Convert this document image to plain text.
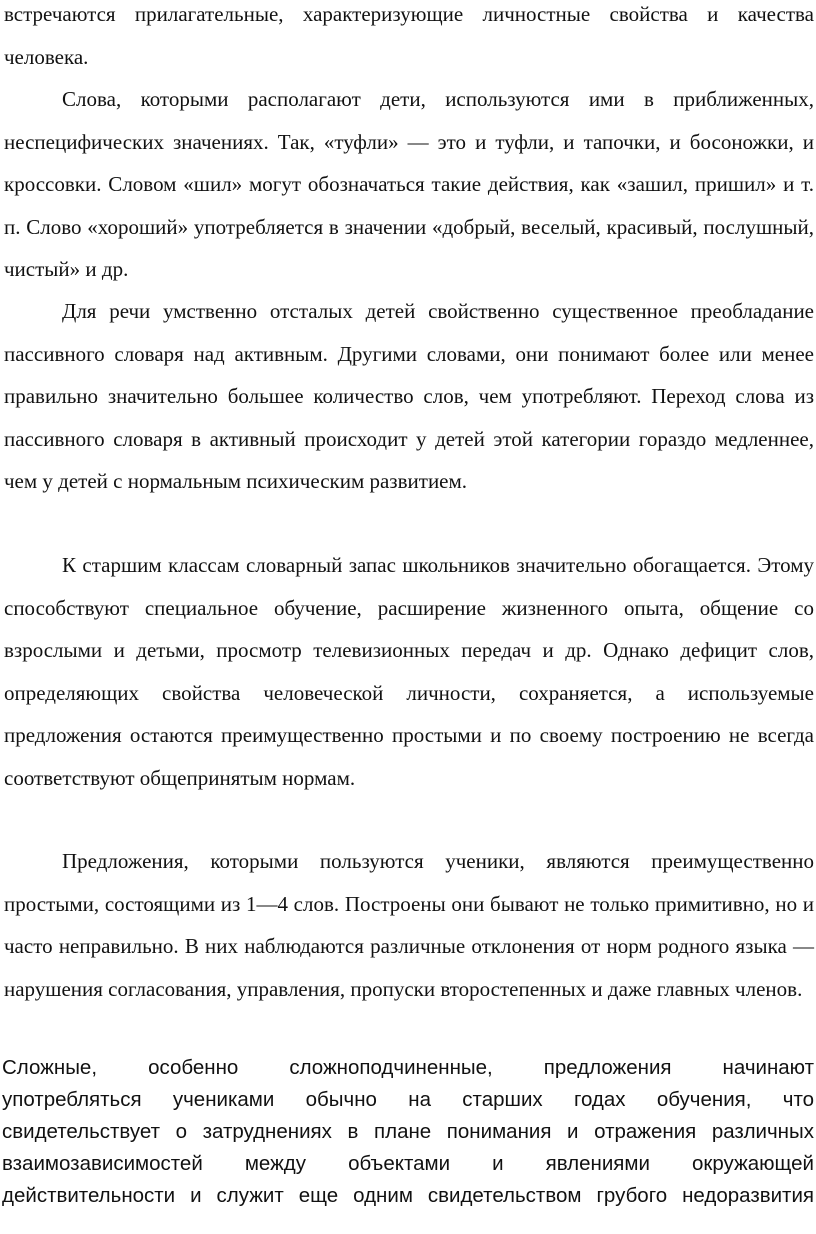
встречаются прилагательные, характеризующие личностные свойства и качества человека.

Слова, которыми располагают дети, используются ими в приближенных, неспецифических значениях. Так, «туфли» — это и туфли, и тапочки, и босоножки, и кроссовки. Словом «шил» могут обозначаться такие действия, как «зашил, пришил» и т. п. Слово «хороший» употребляется в значении «добрый, веселый, красивый, послушный, чистый» и др.

Для речи умственно отсталых детей свойственно существенное преобладание пассивного словаря над активным. Другими словами, они понимают более или менее правильно значительно большее количество слов, чем употребляют. Переход слова из пассивного словаря в активный происходит у детей этой категории гораздо медленнее, чем у детей с нормальным психическим развитием.

К старшим классам словарный запас школьников значительно обогащается. Этому способствуют специальное обучение, расширение жизненного опыта, общение со взрослыми и детьми, просмотр телевизионных передач и др. Однако дефицит слов, определяющих свойства человеческой личности, сохраняется, а используемые предложения остаются преимущественно простыми и по своему построению не всегда соответствуют общепринятым нормам.

Предложения, которыми пользуются ученики, являются преимущественно простыми, состоящими из 1—4 слов. Построены они бывают не только примитивно, но и часто неправильно. В них наблюдаются различные отклонения от норм родного языка — нарушения согласования, управления, пропуски второстепенных и даже главных членов.

Сложные, особенно сложноподчиненные, предложения начинают
употребляться учениками обычно на старших годах обучения, что
свидетельствует о затруднениях в плане понимания и отражения различных
взаимозависимостей между объектами и явлениями окружающей
действительности и служит еще одним свидетельством грубого недоразвития
